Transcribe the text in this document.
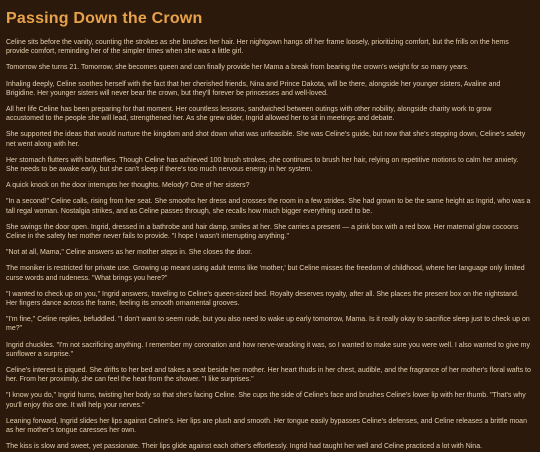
Passing Down the Crown

Celine sits before the vanity, counting the strokes as she brushes her hair. Her nightgown hangs off her frame loosely, prioritizing comfort, but the frills on the hems provide comfort, reminding her of the simpler times when she was a little girl.

Tomorrow she turns 21. Tomorrow, she becomes queen and can finally provide her Mama a break from bearing the crown's weight for so many years.

Inhaling deeply, Celine soothes herself with the fact that her cherished friends, Nina and Prince Dakota, will be there, alongside her younger sisters, Avaline and Brigidine. Her younger sisters will never bear the crown, but they'll forever be princesses and well-loved.

All her life Celine has been preparing for that moment. Her countless lessons, sandwiched between outings with other nobility, alongside charity work to grow accustomed to the people she will lead, strengthened her. As she grew older, Ingrid allowed her to sit in meetings and debate.

She supported the ideas that would nurture the kingdom and shot down what was unfeasible. She was Celine's guide, but now that she's stepping down, Celine's safety net went along with her.

Her stomach flutters with butterflies. Though Celine has achieved 100 brush strokes, she continues to brush her hair, relying on repetitive motions to calm her anxiety. She needs to be awake early, but she can't sleep if there's too much nervous energy in her system.

A quick knock on the door interrupts her thoughts. Melody? One of her sisters?

"In a second!" Celine calls, rising from her seat. She smooths her dress and crosses the room in a few strides. She had grown to be the same height as Ingrid, who was a tall regal woman. Nostalgia strikes, and as Celine passes through, she recalls how much bigger everything used to be.

She swings the door open. Ingrid, dressed in a bathrobe and hair damp, smiles at her. She carries a present — a pink box with a red bow. Her maternal glow cocoons Celine in the safety her mother never fails to provide. "I hope I wasn't interrupting anything."

"Not at all, Mama," Celine answers as her mother steps in. She closes the door.

The moniker is restricted for private use. Growing up meant using adult terms like 'mother,' but Celine misses the freedom of childhood, where her language only limited curse words and rudeness. "What brings you here?"

"I wanted to check up on you," Ingrid answers, traveling to Celine's queen-sized bed. Royalty deserves royalty, after all. She places the present box on the nightstand. Her fingers dance across the frame, feeling its smooth ornamental grooves.

"I'm fine," Celine replies, befuddled. "I don't want to seem rude, but you also need to wake up early tomorrow, Mama. Is it really okay to sacrifice sleep just to check up on me?"

Ingrid chuckles. "I'm not sacrificing anything. I remember my coronation and how nerve-wracking it was, so I wanted to make sure you were well. I also wanted to give my sunflower a surprise."

Celine's interest is piqued. She drifts to her bed and takes a seat beside her mother. Her heart thuds in her chest, audible, and the fragrance of her mother's floral wafts to her. From her proximity, she can feel the heat from the shower. "I like surprises."

"I know you do," Ingrid hums, twisting her body so that she's facing Celine. She cups the side of Celine's face and brushes Celine's lower lip with her thumb. "That's why you'll enjoy this one. It will help your nerves."

Leaning forward, Ingrid slides her lips against Celine's. Her lips are plush and smooth. Her tongue easily bypasses Celine's defenses, and Celine releases a brittle moan as her mother's tongue caresses her own.

The kiss is slow and sweet, yet passionate. Their lips glide against each other's effortlessly. Ingrid had taught her well and Celine practiced a lot with Nina.
